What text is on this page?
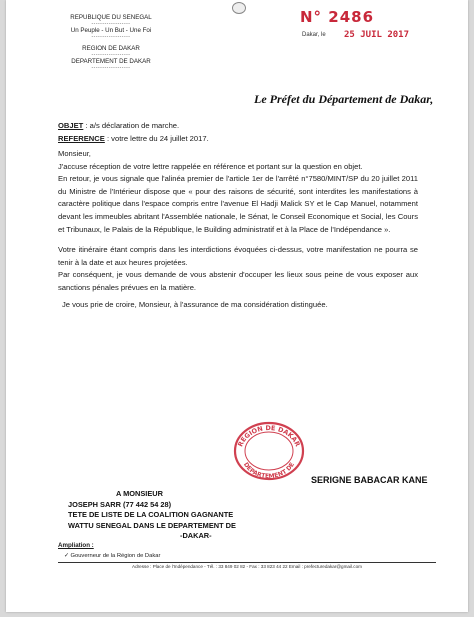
REPUBLIQUE DU SENEGAL
------------------
Un Peuple - Un But - Une Foi
------------------
REGION DE DAKAR
------------------
DEPARTEMENT DE DAKAR
------------------
N° 2486
Dakar, le 25 JUIL 2017
Le Préfet du Département de Dakar,
OBJET : a/s déclaration de marche.
REFERENCE : votre lettre du 24 juillet 2017.

Monsieur,

J'accuse réception de votre lettre rappelée en référence et portant sur la question en objet.

En retour, je vous signale que l'alinéa premier de l'article 1er de l'arrêté n°7580/MINT/SP du 20 juillet 2011 du Ministre de l'Intérieur dispose que « pour des raisons de sécurité, sont interdites les manifestations à caractère politique dans l'espace compris entre l'avenue El Hadji Malick SY et le Cap Manuel, notamment devant les immeubles abritant l'Assemblée nationale, le Sénat, le Conseil Economique et Social, les Cours et Tribunaux, le Palais de la République, le Building administratif et à la Place de l'Indépendance ».

Votre itinéraire étant compris dans les interdictions évoquées ci-dessus, votre manifestation ne pourra se tenir à la date et aux heures projetées.

Par conséquent, je vous demande de vous abstenir d'occuper les lieux sous peine de vous exposer aux sanctions pénales prévues en la matière.

Je vous prie de croire, Monsieur, à l'assurance de ma considération distinguée.

REGION DE DAKAR
DEPARTEMENT DE
SERIGNE BABACAR KANE
A MONSIEUR
JOSEPH SARR (77 442 54 28)
TETE DE LISTE DE LA COALITION GAGNANTE
WATTU SENEGAL DANS LE DEPARTEMENT DE
-DAKAR-
Ampliation :
✓ Gouverneur de la Région de Dakar
Adresse : Place de l'Indépendance - Tél. : 33 849 02 82 - Fax : 33 823 44 22 Email : prefecturedakar@gmail.com
